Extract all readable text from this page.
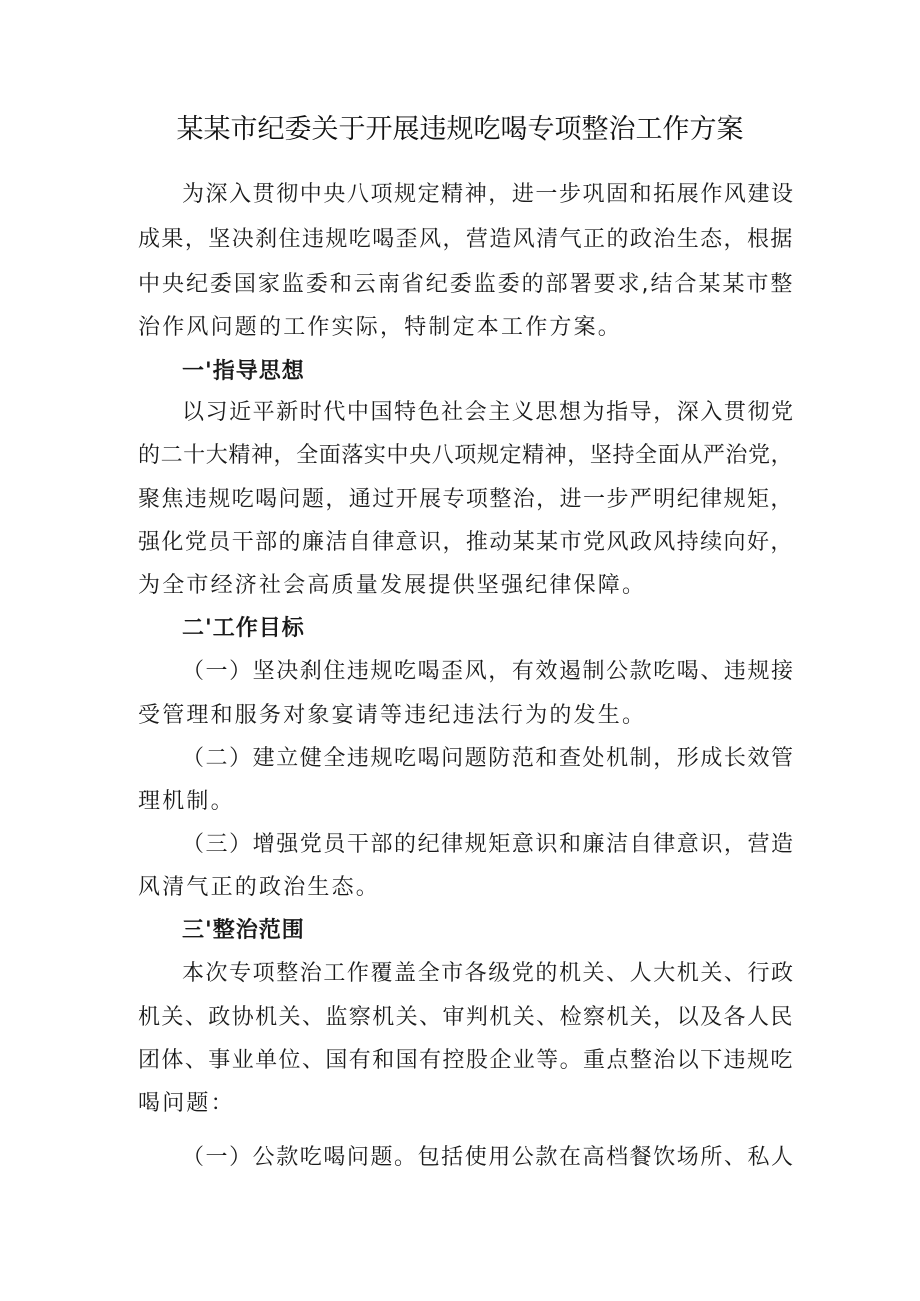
某某市纪委关于开展违规吃喝专项整治工作方案

为深入贯彻中央八项规定精神，进一步巩固和拓展作风建设

成果，坚决刹住违规吃喝歪风，营造风清气正的政治生态，根据

中央纪委国家监委和云南省纪委监委的部署要求,结合某某市整

治作风问题的工作实际，特制定本工作方案。

一'指导思想

以习近平新时代中国特色社会主义思想为指导，深入贯彻党

的二十大精神，全面落实中央八项规定精神，坚持全面从严治党，

聚焦违规吃喝问题，通过开展专项整治，进一步严明纪律规矩，

强化党员干部的廉洁自律意识，推动某某市党风政风持续向好，

为全市经济社会高质量发展提供坚强纪律保障。

二'工作目标

（一）坚决刹住违规吃喝歪风，有效遏制公款吃喝、违规接

受管理和服务对象宴请等违纪违法行为的发生。

（二）建立健全违规吃喝问题防范和查处机制，形成长效管

理机制。

（三）增强党员干部的纪律规矩意识和廉洁自律意识，营造

风清气正的政治生态。

三'整治范围

本次专项整治工作覆盖全市各级党的机关、人大机关、行政

机关、政协机关、监察机关、审判机关、检察机关，以及各人民

团体、事业单位、国有和国有控股企业等。重点整治以下违规吃

喝问题：

（一）公款吃喝问题。包括使用公款在高档餐饮场所、私人
